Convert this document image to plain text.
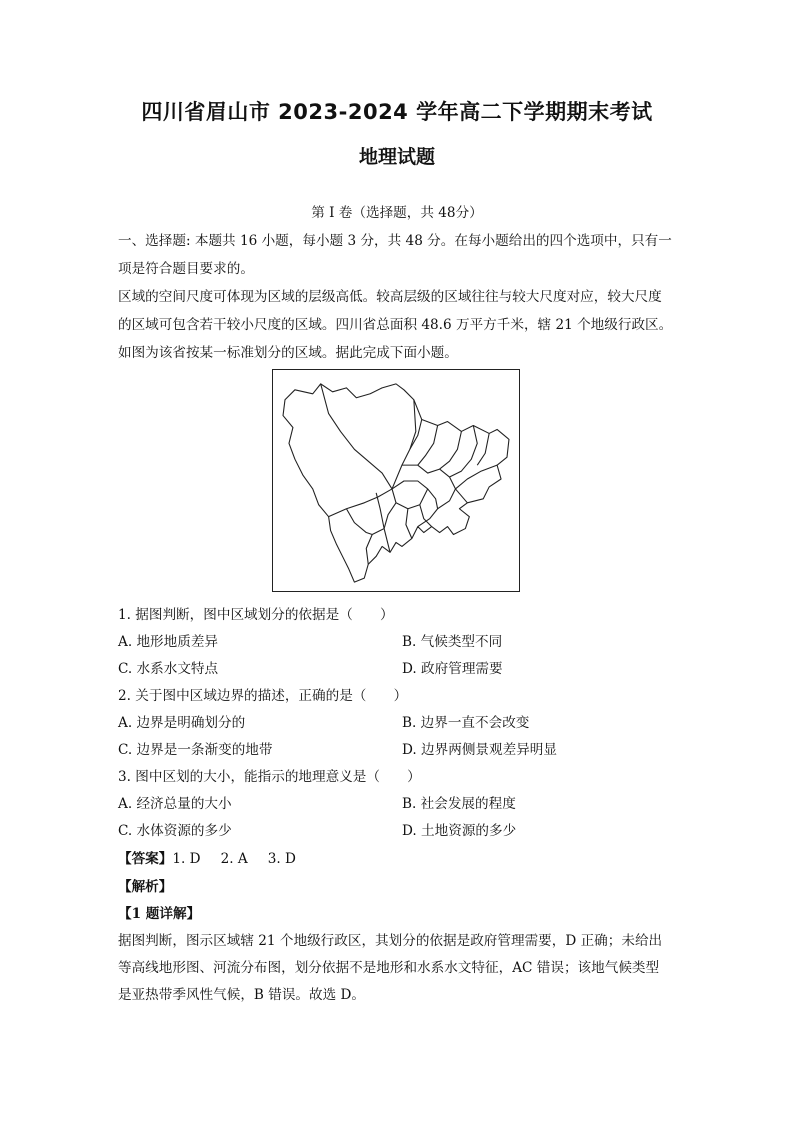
四川省眉山市 2023-2024 学年高二下学期期末考试
地理试题
第 I 卷（选择题，共 48分）
一、选择题: 本题共 16 小题，每小题 3 分，共 48 分。在每小题给出的四个选项中，只有一
项是符合题目要求的。
区域的空间尺度可体现为区域的层级高低。较高层级的区域往往与较大尺度对应，较大尺度
的区域可包含若干较小尺度的区域。四川省总面积 48.6 万平方千米，辖 21 个地级行政区。
如图为该省按某一标准划分的区域。据此完成下面小题。
1. 据图判断，图中区域划分的依据是（　　）
A. 地形地质差异	B. 气候类型不同
C. 水系水文特点	D. 政府管理需要
2. 关于图中区域边界的描述，正确的是（　　）
A. 边界是明确划分的	B. 边界一直不会改变
C. 边界是一条渐变的地带	D. 边界两侧景观差异明显
3. 图中区划的大小，能指示的地理意义是（　　）
A. 经济总量的大小	B. 社会发展的程度
C. 水体资源的多少	D. 土地资源的多少
【答案】1. D 2. A 3. D
【解析】
【1 题详解】
据图判断，图示区域辖 21 个地级行政区，其划分的依据是政府管理需要，D 正确；未给出
等高线地形图、河流分布图，划分依据不是地形和水系水文特征，AC 错误；该地气候类型
是亚热带季风性气候，B 错误。故选 D。
